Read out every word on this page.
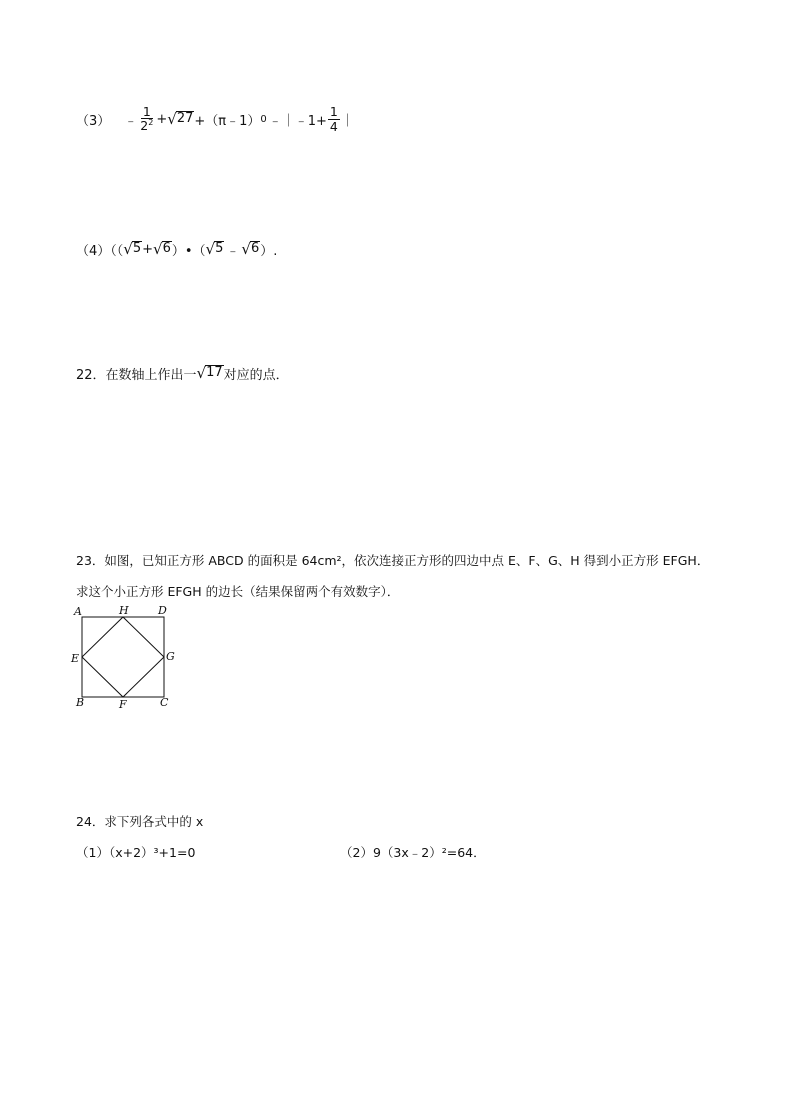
（3） ﹣ $\frac{1}{2^2}$ + √ 27 +（π﹣1） 0 ﹣｜﹣1+ $\frac{1}{4}$ ｜
（4）（（ √ 5 + √ 6 ）•（ √ 5 ﹣ √ 6 ）.
22．在数轴上作出一 √ 17 对应的点．
23．如图，已知正方形 ABCD 的面积是 64cm²，依次连接正方形的四边中点 E、F、G、H 得到小正方形 EFGH．
求这个小正方形 EFGH 的边长（结果保留两个有效数字）．
A	H	D
E	G
B	F	C
24．求下列各式中的 x
（1）（x+2）³+1=0	（2）9（3x﹣2）²=64．
